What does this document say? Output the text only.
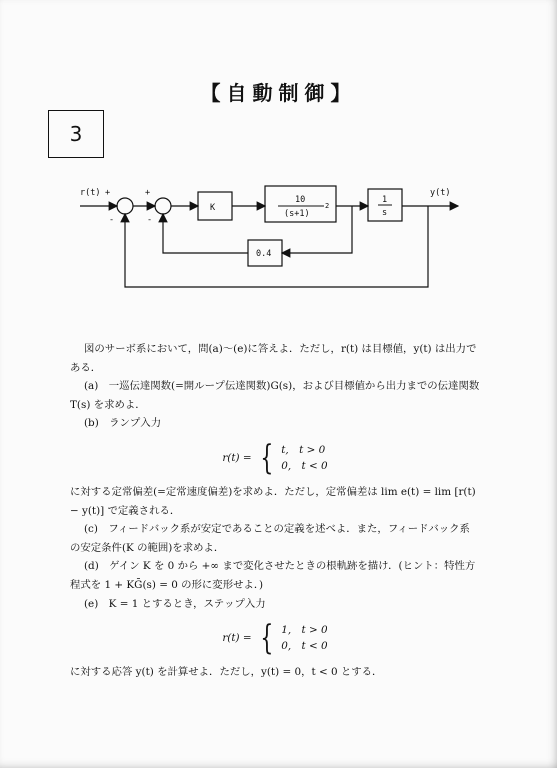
【自動制御】
3
r(t) +
-
+
-
K
10
(s+1)
2
1
s
0.4
y(t)

図のサーボ系において，問(a)〜(e)に答えよ．ただし，r(t) は目標値，y(t) は出力である．

(a)　一巡伝達関数(=開ループ伝達関数)G(s)，および目標値から出力までの伝達関数 T(s) を求めよ．

(b)　ランプ入力

r(t) = { t,　t > 0
0,　t < 0

に対する定常偏差(=定常速度偏差)を求めよ．ただし，定常偏差は lim e(t) = lim [r(t) − y(t)] で定義される．

(c)　フィードバック系が安定であることの定義を述べよ．また，フィードバック系の安定条件(K の範囲)を求めよ．

(d)　ゲイン K を 0 から +∞ まで変化させたときの根軌跡を描け．(ヒント：特性方程式を 1 + KḠ(s) = 0 の形に変形せよ．)

(e)　K = 1 とするとき，ステップ入力

r(t) = { 1,　t > 0
0,　t < 0

に対する応答 y(t) を計算せよ．ただし，y(t) = 0，t < 0 とする．
